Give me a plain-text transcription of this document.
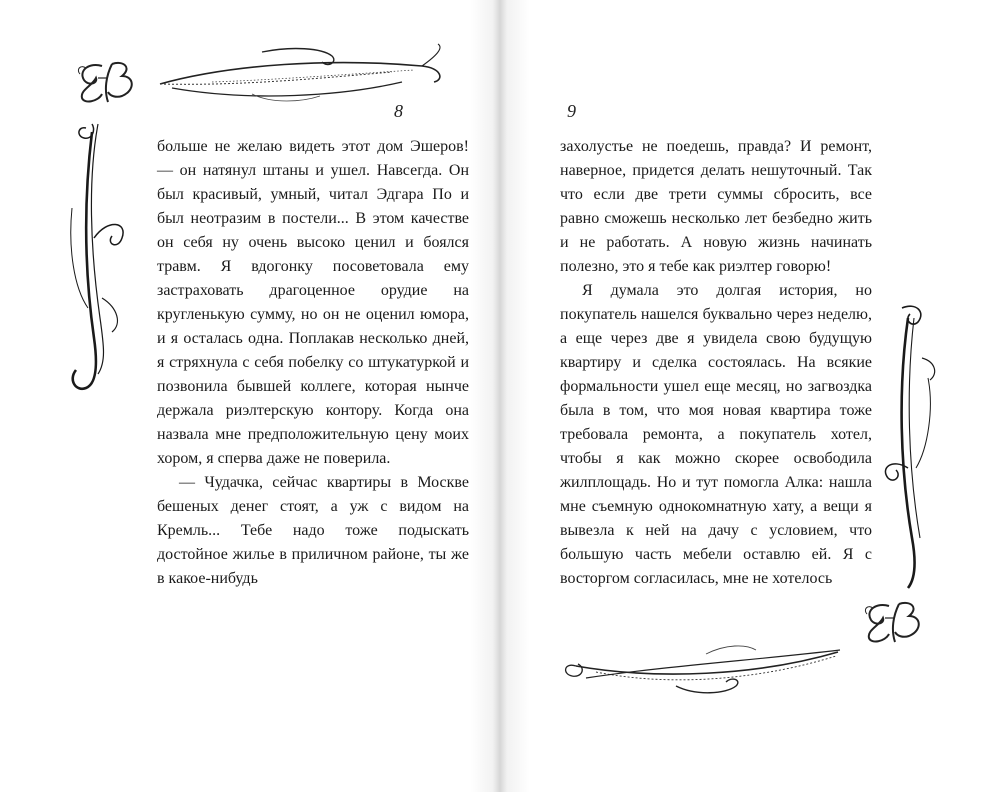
ЕВ
8

больше не желаю видеть этот дом Эшеров! — он натянул штаны и ушел. Навсегда. Он был красивый, умный, читал Эдгара По и был неотразим в постели... В этом качестве он себя ну очень высоко ценил и боялся травм. Я вдогонку посоветовала ему застраховать драгоценное орудие на кругленькую сумму, но он не оценил юмора, и я осталась одна. Поплакав несколько дней, я стряхнула с себя побелку со штукатуркой и позвонила бывшей коллеге, которая нынче держала риэлтерскую контору. Когда она назвала мне предположительную цену моих хором, я сперва даже не поверила.

— Чудачка, сейчас квартиры в Москве бешеных денег стоят, а уж с видом на Кремль... Тебе надо тоже подыскать достойное жилье в приличном районе, ты же в какое-нибудь

9

захолустье не поедешь, правда? И ремонт, наверное, придется делать нешуточный. Так что если две трети суммы сбросить, все равно сможешь несколько лет безбедно жить и не работать. А новую жизнь начинать полезно, это я тебе как риэлтер говорю!

Я думала это долгая история, но покупатель нашелся буквально через неделю, а еще через две я увидела свою будущую квартиру и сделка состоялась. На всякие формальности ушел еще месяц, но загвоздка была в том, что моя новая квартира тоже требовала ремонта, а покупатель хотел, чтобы я как можно скорее освободила жилплощадь. Но и тут помогла Алка: нашла мне съемную однокомнатную хату, а вещи я вывезла к ней на дачу с условием, что большую часть мебели оставлю ей. Я с восторгом согласилась, мне не хотелось

ЕВ
